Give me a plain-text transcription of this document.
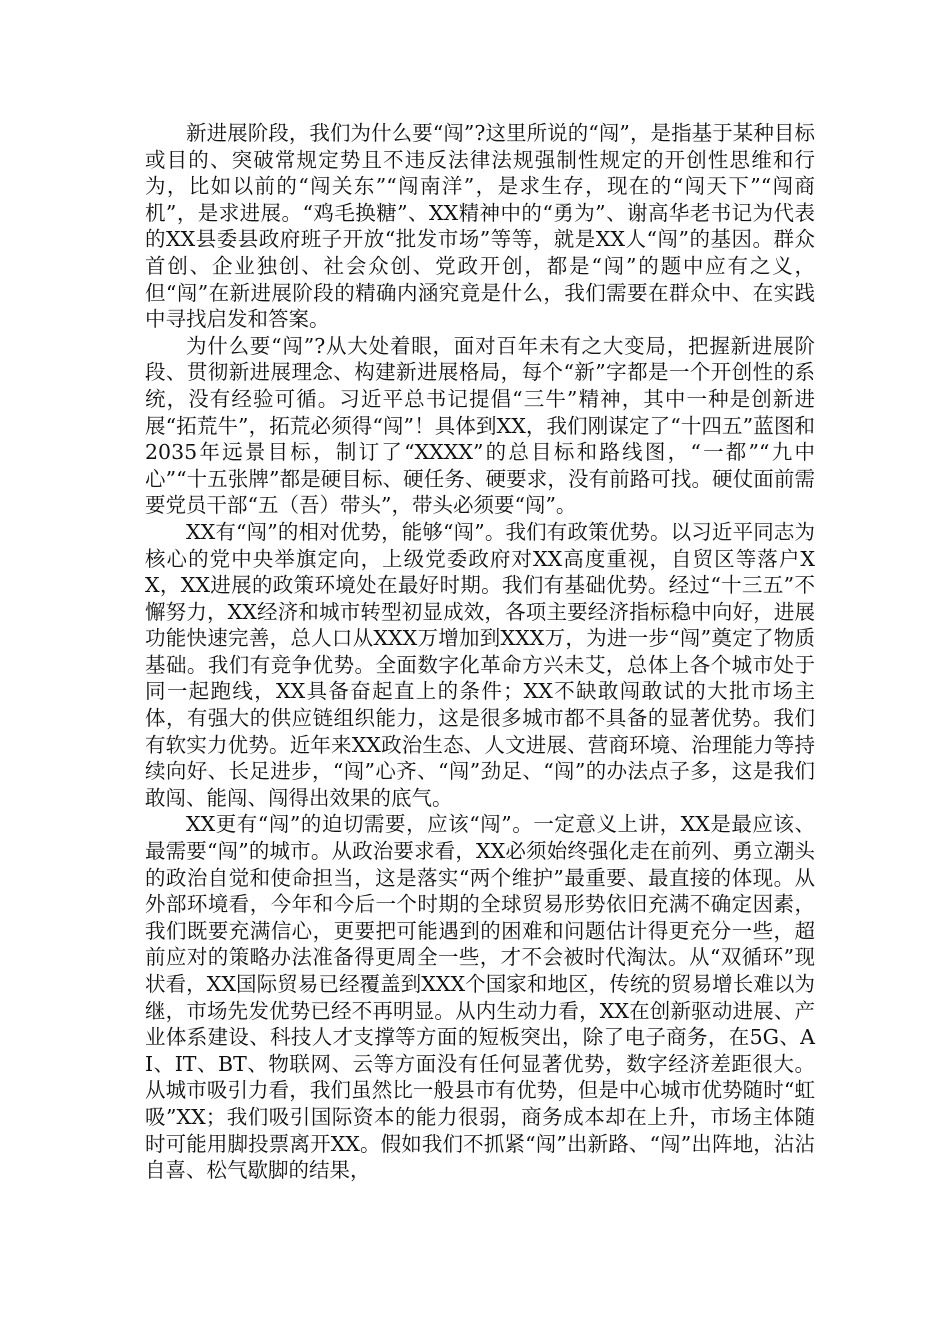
新进展阶段，我们为什么要“闯”?这里所说的“闯”，是指基于某种目标或目的、突破常规定势且不违反法律法规强制性规定的开创性思维和行为，比如以前的“闯关东”“闯南洋”，是求生存，现在的“闯天下”“闯商机”，是求进展。“鸡毛换糖”、XX精神中的“勇为”、谢高华老书记为代表的XX县委县政府班子开放“批发市场”等等，就是XX人“闯”的基因。群众首创、企业独创、社会众创、党政开创，都是“闯”的题中应有之义，但“闯”在新进展阶段的精确内涵究竟是什么，我们需要在群众中、在实践中寻找启发和答案。

为什么要“闯”?从大处着眼，面对百年未有之大变局，把握新进展阶段、贯彻新进展理念、构建新进展格局，每个“新”字都是一个开创性的系统，没有经验可循。习近平总书记提倡“三牛”精神，其中一种是创新进展“拓荒牛”，拓荒必须得“闯”！具体到XX，我们刚谋定了“十四五”蓝图和2035年远景目标，制订了“XXXX”的总目标和路线图，“一都”“九中心”“十五张牌”都是硬目标、硬任务、硬要求，没有前路可找。硬仗面前需要党员干部“五（吾）带头”，带头必须要“闯”。

XX有“闯”的相对优势，能够“闯”。我们有政策优势。以习近平同志为核心的党中央举旗定向，上级党委政府对XX高度重视，自贸区等落户XX，XX进展的政策环境处在最好时期。我们有基础优势。经过“十三五”不懈努力，XX经济和城市转型初显成效，各项主要经济指标稳中向好，进展功能快速完善，总人口从XXX万增加到XXX万，为进一步“闯”奠定了物质基础。我们有竞争优势。全面数字化革命方兴未艾，总体上各个城市处于同一起跑线，XX具备奋起直上的条件；XX不缺敢闯敢试的大批市场主体，有强大的供应链组织能力，这是很多城市都不具备的显著优势。我们有软实力优势。近年来XX政治生态、人文进展、营商环境、治理能力等持续向好、长足进步，“闯”心齐、“闯”劲足、“闯”的办法点子多，这是我们敢闯、能闯、闯得出效果的底气。

XX更有“闯”的迫切需要，应该“闯”。一定意义上讲，XX是最应该、最需要“闯”的城市。从政治要求看，XX必须始终强化走在前列、勇立潮头的政治自觉和使命担当，这是落实“两个维护”最重要、最直接的体现。从外部环境看，今年和今后一个时期的全球贸易形势依旧充满不确定因素，我们既要充满信心，更要把可能遇到的困难和问题估计得更充分一些，超前应对的策略办法准备得更周全一些，才不会被时代淘汰。从“双循环”现状看，XX国际贸易已经覆盖到XXX个国家和地区，传统的贸易增长难以为继，市场先发优势已经不再明显。从内生动力看，XX在创新驱动进展、产业体系建设、科技人才支撑等方面的短板突出，除了电子商务，在5G、AI、IT、BT、物联网、云等方面没有任何显著优势，数字经济差距很大。从城市吸引力看，我们虽然比一般县市有优势，但是中心城市优势随时“虹吸”XX；我们吸引国际资本的能力很弱，商务成本却在上升，市场主体随时可能用脚投票离开XX。假如我们不抓紧“闯”出新路、“闯”出阵地，沾沾自喜、松气歇脚的结果，
